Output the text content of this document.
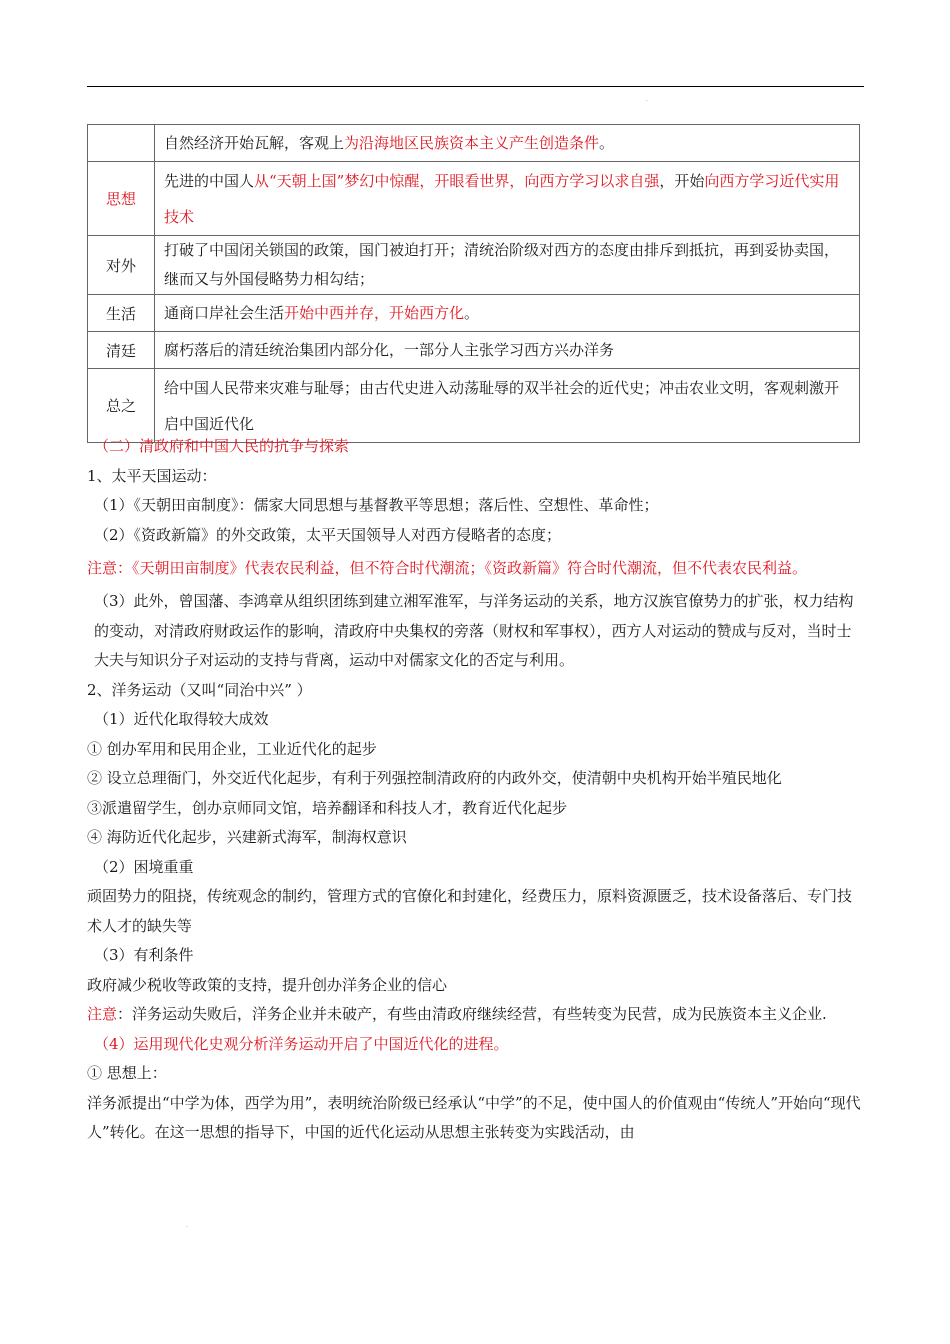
.
	自然经济开始瓦解，客观上为沿海地区民族资本主义产生创造条件。
思想	先进的中国人从“天朝上国”梦幻中惊醒，开眼看世界，向西方学习以求自强，开始向西方学习近代实用技术
对外	打破了中国闭关锁国的政策，国门被迫打开；清统治阶级对西方的态度由排斥到抵抗，再到妥协卖国，继而又与外国侵略势力相勾结；
生活	通商口岸社会生活开始中西并存，开始西方化。
清廷	腐朽落后的清廷统治集团内部分化，一部分人主张学习西方兴办洋务
总之	给中国人民带来灾难与耻辱；由古代史进入动荡耻辱的双半社会的近代史；冲击农业文明，客观刺激开启中国近代化

（二）清政府和中国人民的抗争与探索

1、太平天国运动：

（1）《天朝田亩制度》：儒家大同思想与基督教平等思想；落后性、空想性、革命性；

（2）《资政新篇》的外交政策，太平天国领导人对西方侵略者的态度；

注意：《天朝田亩制度》代表农民利益，但不符合时代潮流；《资政新篇》符合时代潮流，但不代表农民利益。

（3）此外，曾国藩、李鸿章从组织团练到建立湘军淮军，与洋务运动的关系，地方汉族官僚势力的扩张，权力结构的变动，对清政府财政运作的影响，清政府中央集权的旁落（财权和军事权），西方人对运动的赞成与反对，当时士大夫与知识分子对运动的支持与背离，运动中对儒家文化的否定与利用。

2、洋务运动（又叫“同治中兴” ）

（1）近代化取得较大成效

① 创办军用和民用企业，工业近代化的起步

② 设立总理衙门，外交近代化起步，有利于列强控制清政府的内政外交，使清朝中央机构开始半殖民地化

③派遣留学生，创办京师同文馆，培养翻译和科技人才，教育近代化起步

④ 海防近代化起步，兴建新式海军，制海权意识

（2）困境重重

顽固势力的阻挠，传统观念的制约，管理方式的官僚化和封建化，经费压力，原料资源匮乏，技术设备落后、专门技术人才的缺失等

（3）有利条件

政府减少税收等政策的支持，提升创办洋务企业的信心

注意：洋务运动失败后，洋务企业并未破产，有些由清政府继续经营，有些转变为民营，成为民族资本主义企业.

（4）运用现代化史观分析洋务运动开启了中国近代化的进程。

① 思想上：

洋务派提出“中学为体，西学为用”，表明统治阶级已经承认“中学”的不足，使中国人的价值观由“传统人”开始向“现代人”转化。在这一思想的指导下，中国的近代化运动从思想主张转变为实践活动，由

.
